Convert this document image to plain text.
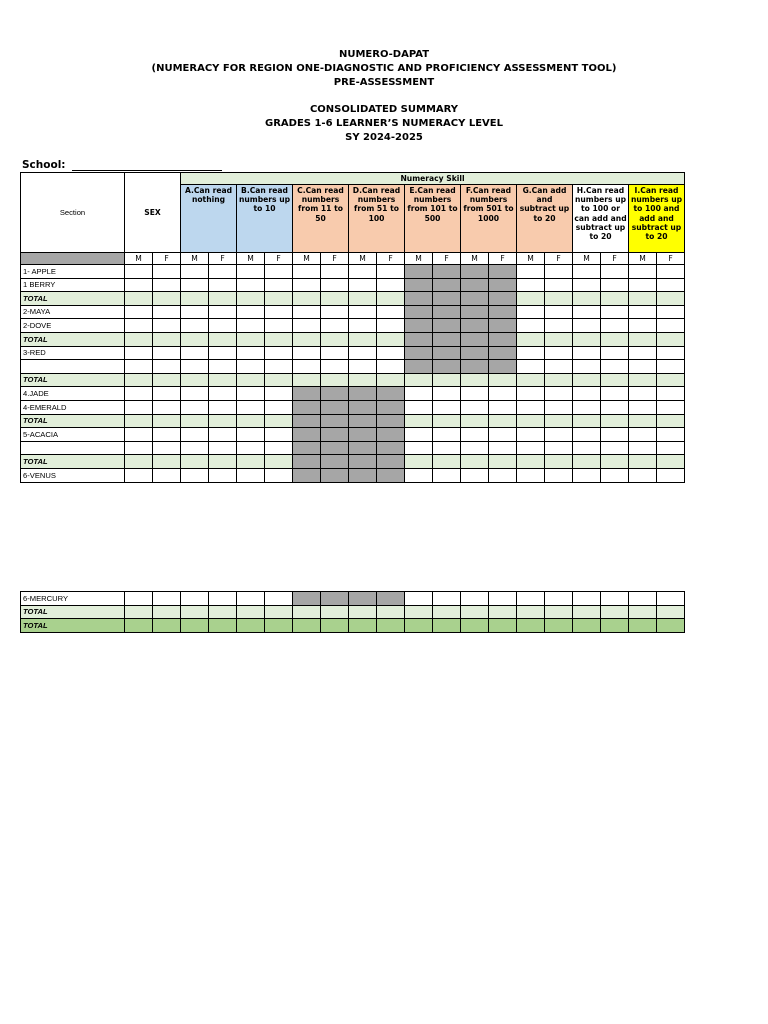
NUMERO-DAPAT
(NUMERACY FOR REGION ONE-DIAGNOSTIC AND PROFICIENCY ASSESSMENT TOOL)
PRE-ASSESSMENT
CONSOLIDATED SUMMARY
GRADES 1-6 LEARNER’S NUMERACY LEVEL
SY 2024-2025
School:
Section	SEX		Numeracy Skill																	
			A.Can read nothing		B.Can read numbers up to 10		C.Can read numbers from 11 to 50		D.Can read numbers from 51 to 100		E.Can read numbers from 101 to 500		F.Can read numbers from 501 to 1000		G.Can add and subtract up to 20		H.Can read numbers up to 100 or can add and subtract up to 20		I.Can read numbers up to 100 and add and subtract up to 20	
	M	F	M	F	M	F	M	F	M	F	M	F	M	F	M	F	M	F	M	F
1- APPLE																				
1 BERRY																				
TOTAL																				
2-MAYA																				
2-DOVE																				
TOTAL																				
3-RED																				

TOTAL																				
4.JADE																				
4-EMERALD																				
TOTAL																				
5-ACACIA																				

TOTAL																				
6-VENUS																				
6-MERCURY																				
TOTAL																				
TOTAL																				
